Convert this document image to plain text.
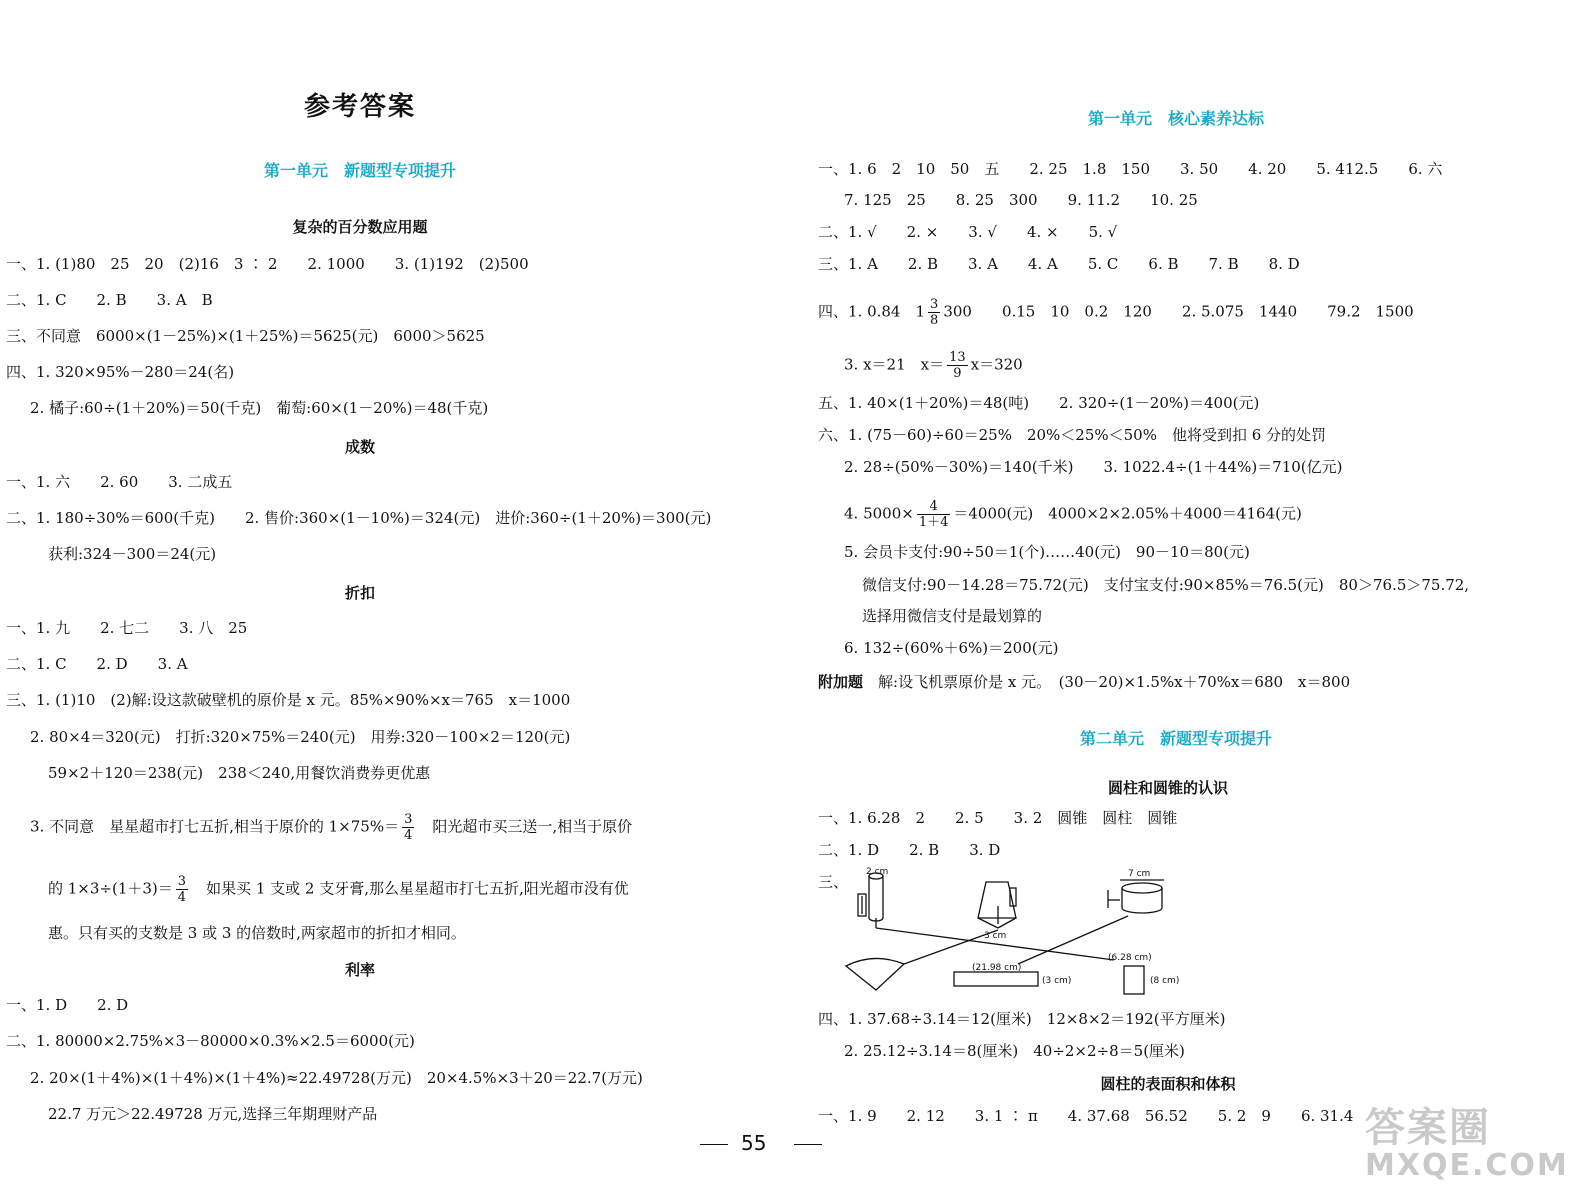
参考答案
第一单元　新题型专项提升
复杂的百分数应用题
一、1. (1)80　25　20　(2)16　3 ∶ 2　　2. 1000　　3. (1)192　(2)500
二、1. C　　2. B　　3. A　B
三、不同意　6000×(1－25%)×(1＋25%)＝5625(元)　6000＞5625
四、1. 320×95%－280＝24(名)
2. 橘子:60÷(1＋20%)＝50(千克)　葡萄:60×(1－20%)＝48(千克)
成数
一、1. 六　　2. 60　　3. 二成五
二、1. 180÷30%＝600(千克)　　2. 售价:360×(1－10%)＝324(元)　进价:360÷(1＋20%)＝300(元)
获利:324－300＝24(元)
折扣
一、1. 九　　2. 七二　　3. 八　25
二、1. C　　2. D　　3. A
三、1. (1)10　(2)解:设这款破壁机的原价是 x 元。85%×90%×x＝765　x＝1000
2. 80×4＝320(元)　打折:320×75%＝240(元)　用券:320－100×2＝120(元)
59×2＋120＝238(元)　238＜240,用餐饮消费券更优惠
3. 不同意　星星超市打七五折,相当于原价的 $1\times 75\%= \frac{3}{4}$ 　阳光超市买三送一,相当于原价
的 $1\times 3\div(1+3)= \frac{3}{4}$ 　如果买 1 支或 2 支牙膏,那么星星超市打七五折,阳光超市没有优
惠。只有买的支数是 3 或 3 的倍数时,两家超市的折扣才相同。
利率
一、1. D　　2. D
二、1. 80000×2.75%×3－80000×0.3%×2.5＝6000(元)
2. 20×(1＋4%)×(1＋4%)×(1＋4%)≈22.49728(万元)　20×4.5%×3＋20＝22.7(万元)
22.7 万元＞22.49728 万元,选择三年期理财产品
第一单元　核心素养达标
一、1. 6　2　10　50　五　　2. 25　1.8　150　　3. 50　　4. 20　　5. 412.5　　6. 六
7. 125　25　　8. 25　300　　9. 11.2　　10. 25
二、1. √　　2. ×　　3. √　　4. ×　　5. √
三、1. A　　2. B　　3. A　　4. A　　5. C　　6. B　　7. B　　8. D
四、1. 0.84　$1 \frac{3}{8} 300$　　0.15　10　0.2　120　　2. 5.075　1440　　79.2　1500
3. x＝21　$x= \frac{13}{9} x=320$
五、1. 40×(1＋20%)＝48(吨)　　2. 320÷(1－20%)＝400(元)
六、1. (75－60)÷60＝25%　20%＜25%＜50%　他将受到扣 6 分的处罚
2. 28÷(50%－30%)＝140(千米)　　3. 1022.4÷(1＋44%)＝710(亿元)
4. $5000\times \frac{4}{1+4} =4000$(元)　4000×2×2.05%＋4000＝4164(元)
5. 会员卡支付:90÷50＝1(个)……40(元)　90－10＝80(元)
微信支付:90－14.28＝75.72(元)　支付宝支付:90×85%＝76.5(元)　80＞76.5＞75.72,
选择用微信支付是最划算的
6. 132÷(60%＋6%)＝200(元)
附加题　 解:设飞机票原价是 x 元。　(30－20)×1.5%x＋70%x＝680　x＝800
第二单元　新题型专项提升
圆柱和圆锥的认识
一、1. 6.28　2　　2. 5　　3. 2　圆锥　圆柱　圆锥
二、1. D　　2. B　　3. D
三、
2 cm
3 cm
7 cm
(6.28 cm)
(21.98 cm)
(3 cm)	(8 cm)
四、1. 37.68÷3.14＝12(厘米)　12×8×2＝192(平方厘米)
2. 25.12÷3.14＝8(厘米)　40÷2×2÷8＝5(厘米)
圆柱的表面积和体积
一、1. 9　　2. 12　　3. 1 ∶ π　　4. 37.68　56.52　　5. 2　9　　6. 31.4
55	答案圈
MXQE.COM
